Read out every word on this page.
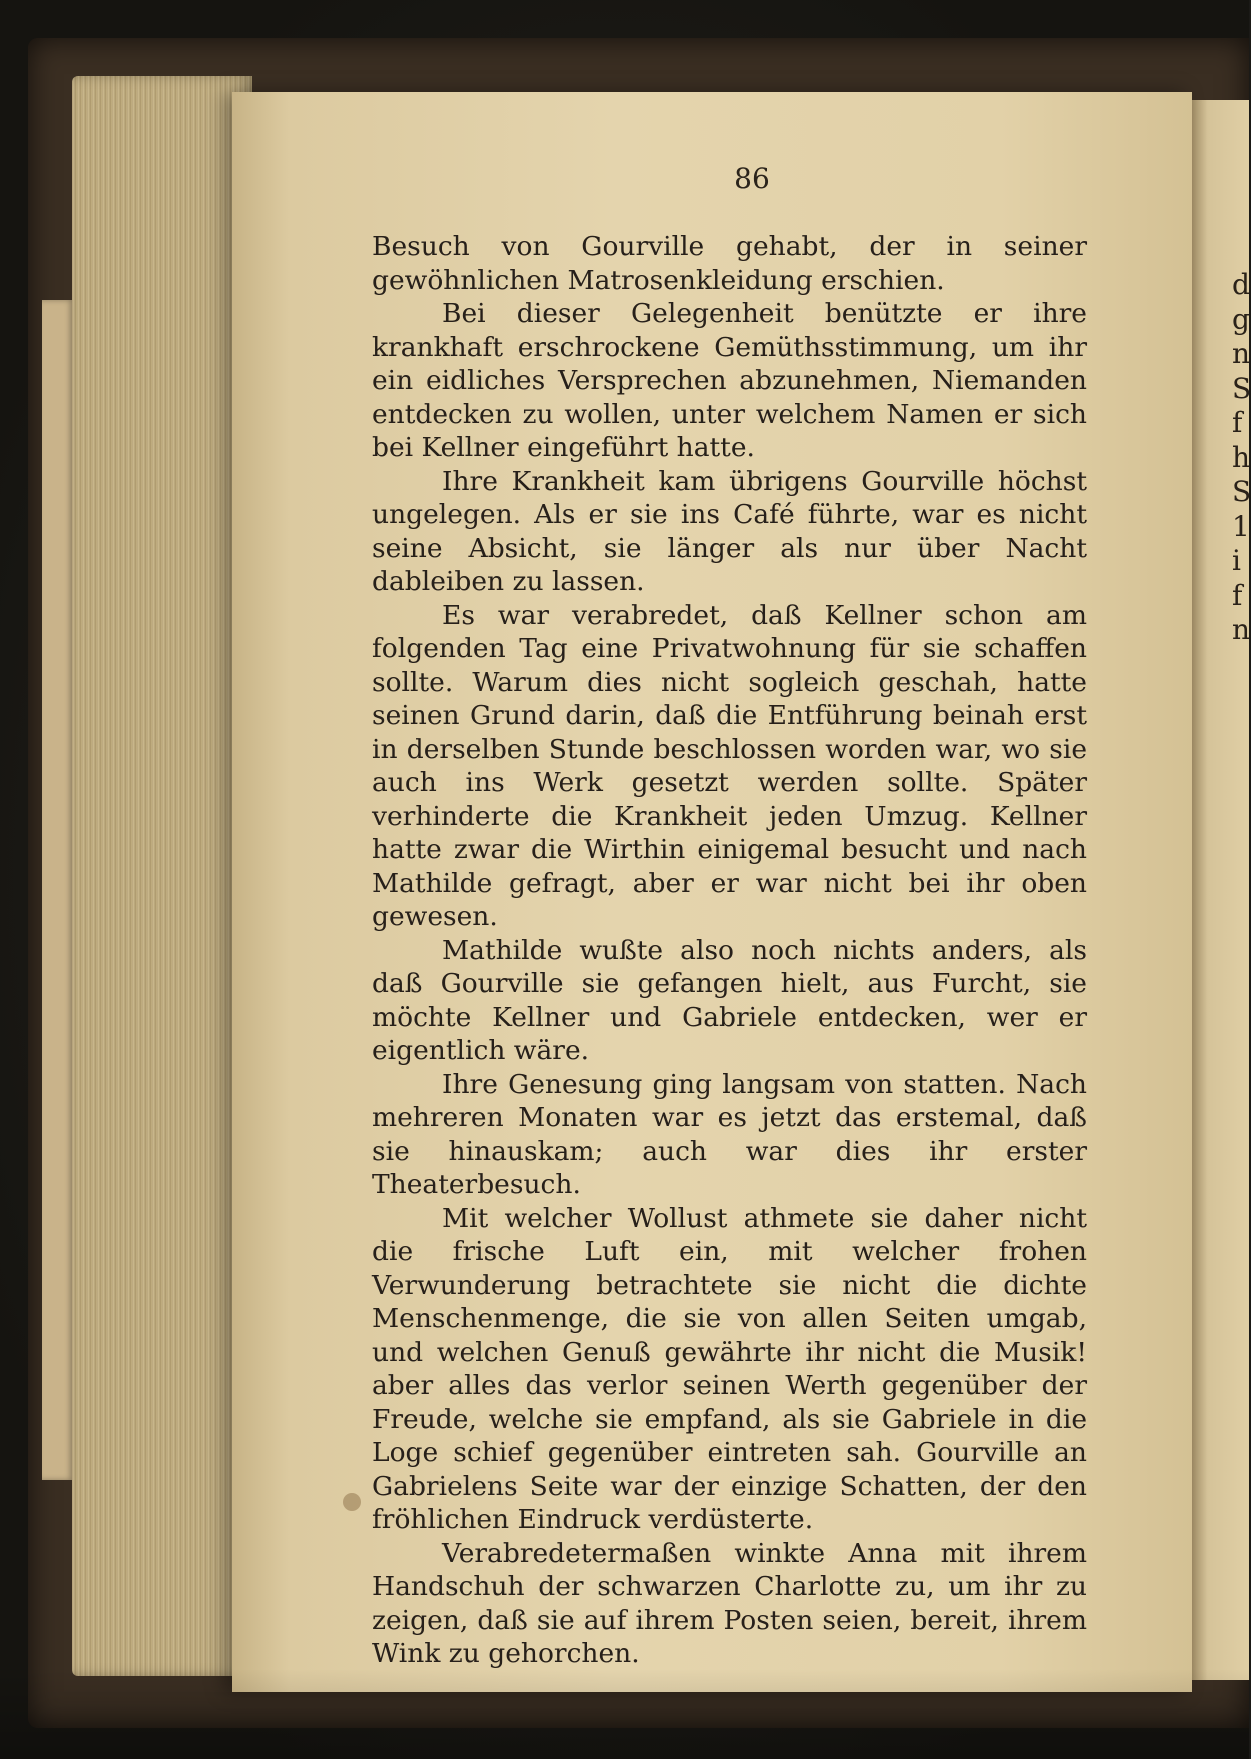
d
g
n
S
f
h
S
1
i
f
n
86

Besuch von Gourville gehabt, der in seiner gewöhnlichen Matrosenkleidung erschien.

Bei dieser Gelegenheit benützte er ihre krankhaft erschrockene Gemüthsstimmung, um ihr ein eidliches Versprechen abzunehmen, Niemanden entdecken zu wollen, unter welchem Namen er sich bei Kellner eingeführt hatte.

Ihre Krankheit kam übrigens Gourville höchst ungelegen. Als er sie ins Café führte, war es nicht seine Absicht, sie länger als nur über Nacht dableiben zu lassen.

Es war verabredet, daß Kellner schon am folgenden Tag eine Privatwohnung für sie schaffen sollte. Warum dies nicht sogleich geschah, hatte seinen Grund darin, daß die Entführung beinah erst in derselben Stunde beschlossen worden war, wo sie auch ins Werk gesetzt werden sollte. Später verhinderte die Krankheit jeden Umzug. Kellner hatte zwar die Wirthin einigemal besucht und nach Mathilde gefragt, aber er war nicht bei ihr oben gewesen.

Mathilde wußte also noch nichts anders, als daß Gourville sie gefangen hielt, aus Furcht, sie möchte Kellner und Gabriele entdecken, wer er eigentlich wäre.

Ihre Genesung ging langsam von statten. Nach mehreren Monaten war es jetzt das erstemal, daß sie hinauskam; auch war dies ihr erster Theaterbesuch.

Mit welcher Wollust athmete sie daher nicht die frische Luft ein, mit welcher frohen Verwunderung betrachtete sie nicht die dichte Menschenmenge, die sie von allen Seiten umgab, und welchen Genuß gewährte ihr nicht die Musik! aber alles das verlor seinen Werth gegenüber der Freude, welche sie empfand, als sie Gabriele in die Loge schief gegenüber eintreten sah. Gourville an Gabrielens Seite war der einzige Schatten, der den fröhlichen Eindruck verdüsterte.

Verabredetermaßen winkte Anna mit ihrem Handschuh der schwarzen Charlotte zu, um ihr zu zeigen, daß sie auf ihrem Posten seien, bereit, ihrem Wink zu gehorchen.
